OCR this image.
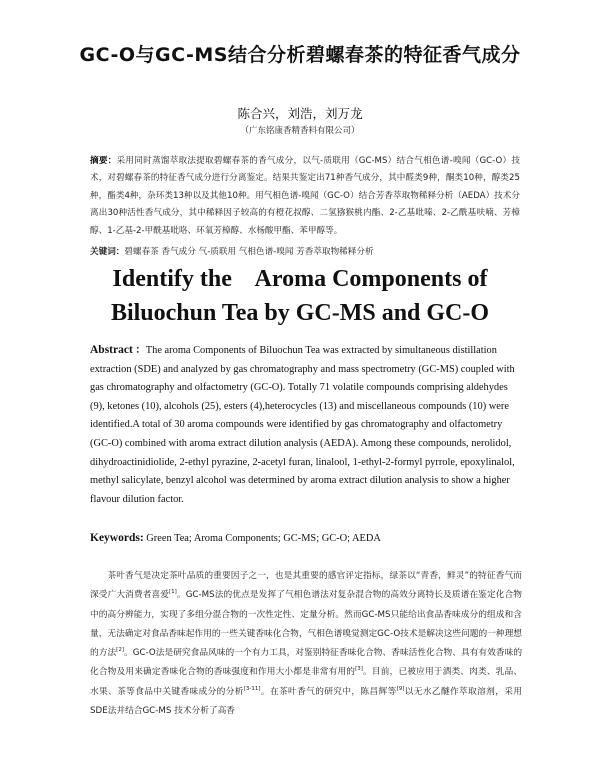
GC-O与GC-MS结合分析碧螺春茶的特征香气成分
陈合兴，刘浩，刘万龙
（广东铭康香精香料有限公司）
摘要：采用同时蒸馏萃取法提取碧螺春茶的香气成分，以气-质联用（GC-MS）结合气相色谱-嗅闻（GC-O）技术，对碧螺春茶的特征香气成分进行分离鉴定。结果共鉴定出71种香气成分，其中醛类9种，酮类10种，醇类25种，酯类4种，杂环类13种以及其他10种。用气相色谱-嗅闻（GC-O）结合芳香萃取物稀释分析（AEDA）技术分离出30种活性香气成分，其中稀释因子较高的有橙花叔醇、二氢猕猴桃内酯、2-乙基吡嗪、2-乙酰基呋喃、芳樟醇、1-乙基-2-甲酰基吡咯、环氧芳樟醇、水杨酸甲酯、苯甲醇等。
关键词：碧螺春茶 香气成分 气-质联用 气相色谱-嗅闻 芳香萃取物稀释分析
Identify the    Aroma Components of
Biluochun Tea by GC-MS and GC-O
Abstract ：The aroma Components of Biluochun Tea was extracted by simultaneous distillation extraction (SDE) and analyzed by gas chromatography and mass spectrometry (GC-MS) coupled with gas chromatography and olfactometry (GC-O). Totally 71 volatile compounds comprising aldehydes (9), ketones (10), alcohols (25), esters (4),heterocycles (13) and miscellaneous compounds (10) were identified.A total of 30 aroma compounds were identified by gas chromatography and olfactometry (GC-O) combined with aroma extract dilution analysis (AEDA). Among these compounds, nerolidol, dihydroactinidiolide, 2-ethyl pyrazine, 2-acetyl furan, linalool, 1-ethyl-2-formyl pyrrole, epoxylinalol, methyl salicylate, benzyl alcohol was determined by aroma extract dilution analysis to show a higher flavour dilution factor.
Keywords: Green Tea; Aroma Components; GC-MS; GC-O; AEDA
茶叶香气是决定茶叶品质的重要因子之一，也是其重要的感官评定指标，绿茶以“青香，鲜灵”的特征香气而深受广大消费者喜爱[1]。GC-MS法的优点是发挥了气相色谱法对复杂混合物的高效分离特长及质谱在鉴定化合物中的高分辨能力，实现了多组分混合物的一次性定性、定量分析。然而GC-MS只能给出食品香味成分的组成和含量，无法确定对食品香味起作用的一些关键香味化合物，气相色谱嗅觉测定GC-O技术是解决这些问题的一种理想的方法[2]。GC-O法是研究食品风味的一个有力工具，对鉴别特征香味化合物、香味活性化合物、具有有效香味的化合物及用来确定香味化合物的香味强度和作用大小都是非常有用的[3]。目前，已被应用于酒类、肉类、乳品、水果、茶等食品中关键香味成分的分析[3-11]。在茶叶香气的研究中，陈昌辉等[9]以无水乙醚作萃取溶剂，采用SDE法并结合GC-MS 技术分析了高香
